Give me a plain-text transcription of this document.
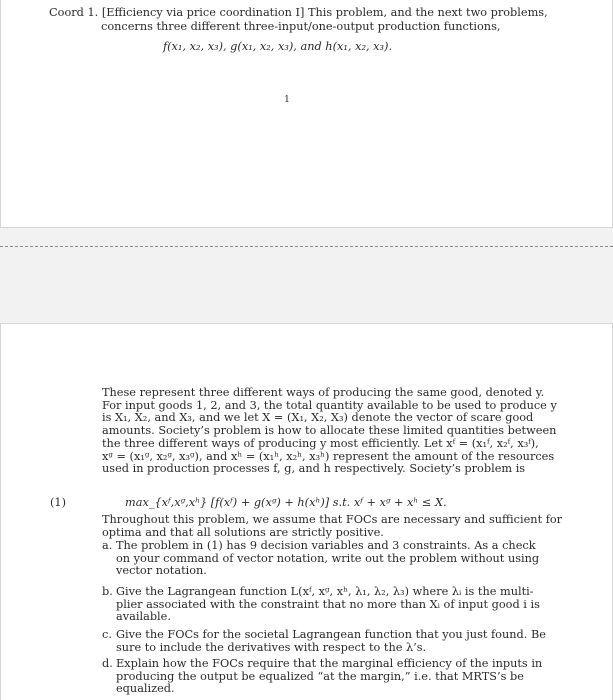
Coord 1. [Efficiency via price coordination I] This problem, and the next two problems,
concerns three different three-input/one-output production functions,
f(x₁, x₂, x₃), g(x₁, x₂, x₃), and h(x₁, x₂, x₃).
1
These represent three different ways of producing the same good, denoted y.
For input goods 1, 2, and 3, the total quantity available to be used to produce y
is X₁, X₂, and X₃, and we let X = (X₁, X₂, X₃) denote the vector of scare good
amounts. Society’s problem is how to allocate these limited quantities between
the three different ways of producing y most efficiently. Let xᶠ = (x₁ᶠ, x₂ᶠ, x₃ᶠ),
xᵍ = (x₁ᵍ, x₂ᵍ, x₃ᵍ), and xʰ = (x₁ʰ, x₂ʰ, x₃ʰ) represent the amount of the resources
used in production processes f, g, and h respectively. Society’s problem is
(1)	max_{xᶠ,xᵍ,xʰ} [f(xᶠ) + g(xᵍ) + h(xʰ)] s.t. xᶠ + xᵍ + xʰ ≤ X.
Throughout this problem, we assume that FOCs are necessary and sufficient for
optima and that all solutions are strictly positive.
a. The problem in (1) has 9 decision variables and 3 constraints. As a check
on your command of vector notation, write out the problem without using
vector notation.
b. Give the Lagrangean function L(xᶠ, xᵍ, xʰ, λ₁, λ₂, λ₃) where λᵢ is the multi-
plier associated with the constraint that no more than Xᵢ of input good i is
available.
c. Give the FOCs for the societal Lagrangean function that you just found. Be
sure to include the derivatives with respect to the λ’s.
d. Explain how the FOCs require that the marginal efficiency of the inputs in
producing the output be equalized “at the margin,” i.e. that MRTS’s be
equalized.
